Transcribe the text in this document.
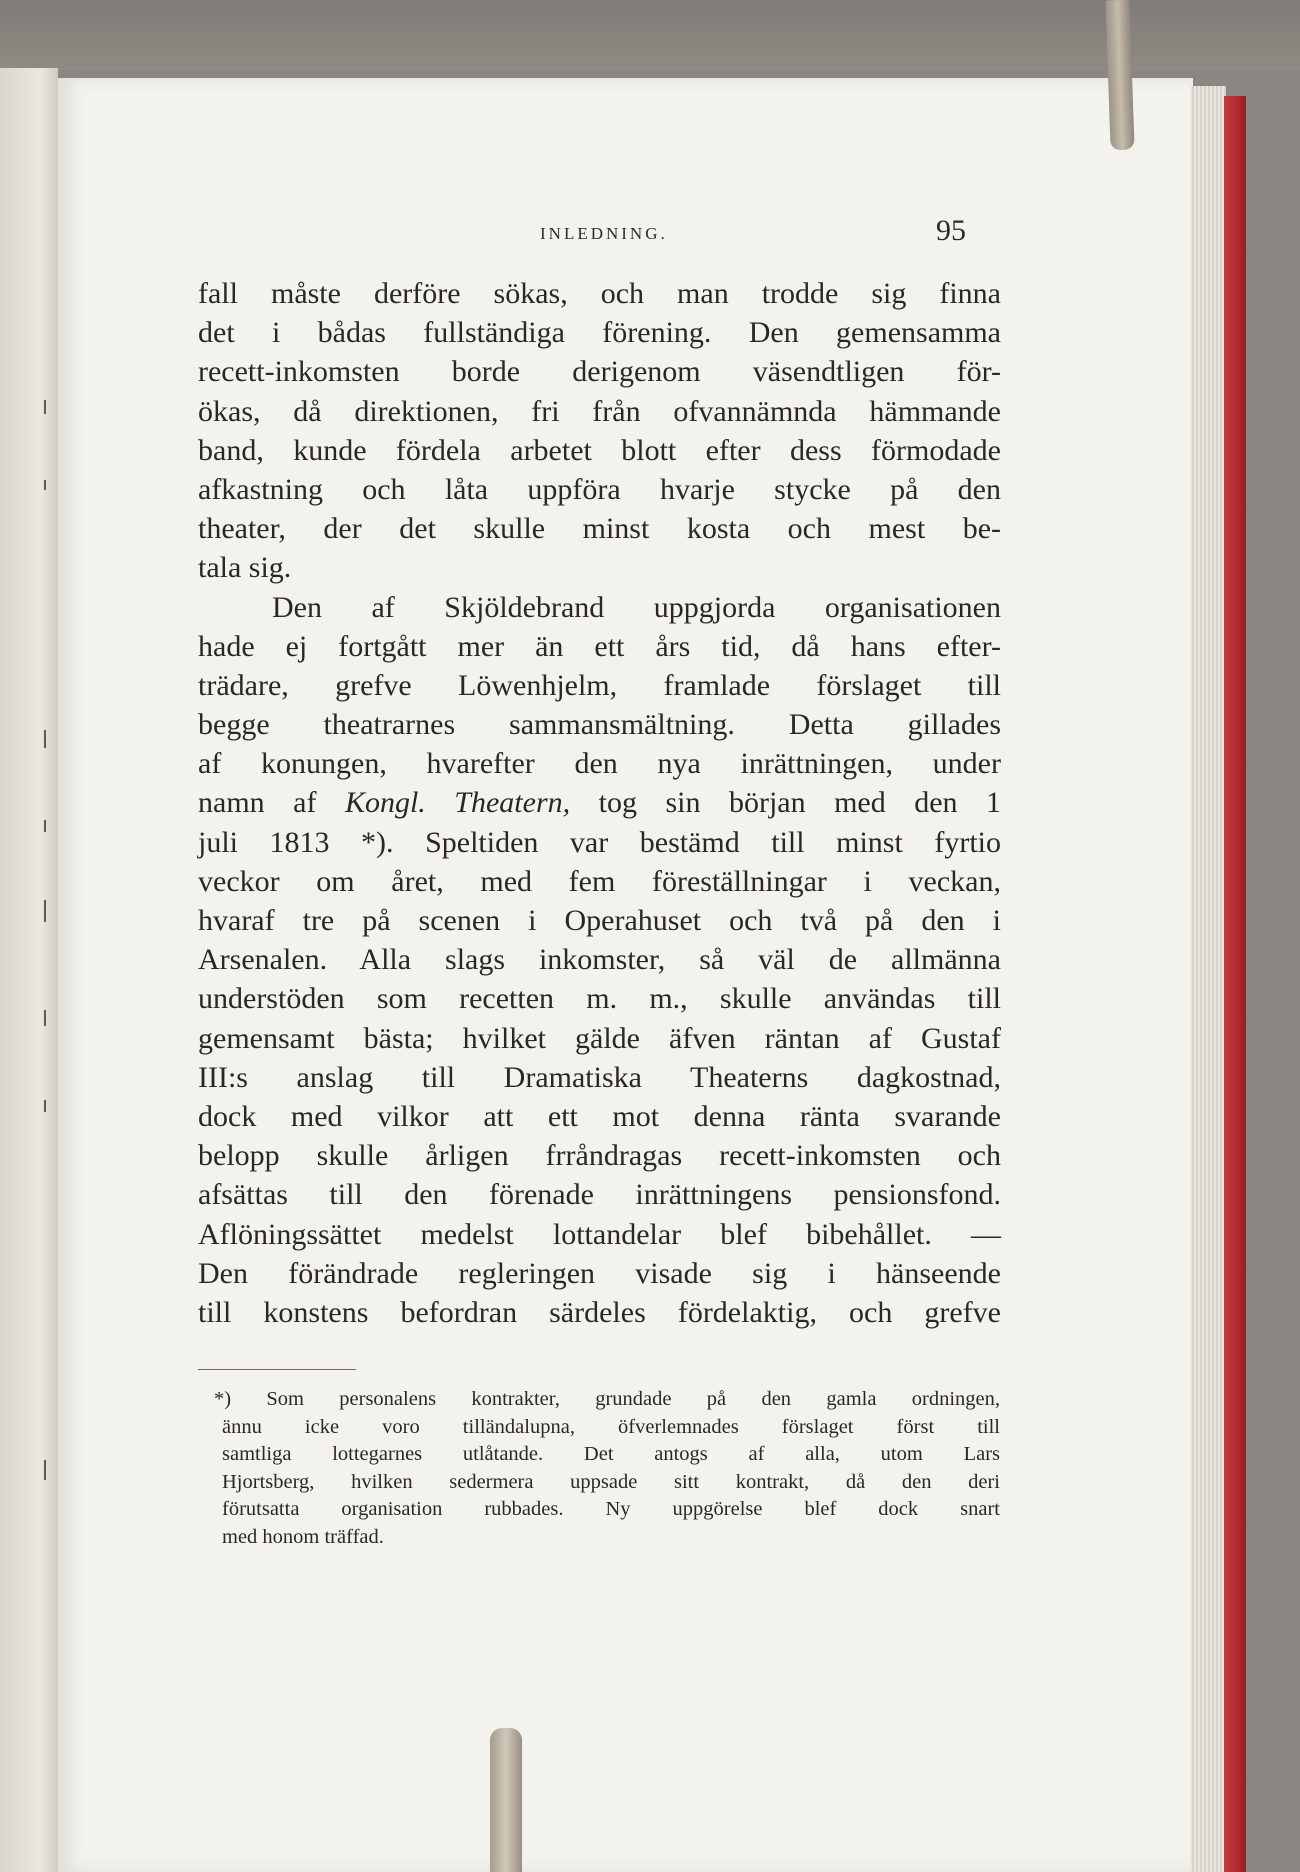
INLEDNING.	95
fall måste derföre sökas, och man trodde sig finna
det i bådas fullständiga förening. Den gemensamma
recett-inkomsten borde derigenom väsendtligen för-
ökas, då direktionen, fri från ofvannämnda hämmande
band, kunde fördela arbetet blott efter dess förmodade
afkastning och låta uppföra hvarje stycke på den
theater, der det skulle minst kosta och mest be-
tala sig.
Den af Skjöldebrand uppgjorda organisationen
hade ej fortgått mer än ett års tid, då hans efter-
trädare, grefve Löwenhjelm, framlade förslaget till
begge theatrarnes sammansmältning. Detta gillades
af konungen, hvarefter den nya inrättningen, under
namn af Kongl. Theatern, tog sin början med den 1
juli 1813 *). Speltiden var bestämd till minst fyrtio
veckor om året, med fem föreställningar i veckan,
hvaraf tre på scenen i Operahuset och två på den i
Arsenalen. Alla slags inkomster, så väl de allmänna
understöden som recetten m. m., skulle användas till
gemensamt bästa; hvilket gälde äfven räntan af Gustaf
III:s anslag till Dramatiska Theaterns dagkostnad,
dock med vilkor att ett mot denna ränta svarande
belopp skulle årligen frråndragas recett-inkomsten och
afsättas till den förenade inrättningens pensionsfond.
Aflöningssättet medelst lottandelar blef bibehållet. —
Den förändrade regleringen visade sig i hänseende
till konstens befordran särdeles fördelaktig, och grefve
*) Som personalens kontrakter, grundade på den gamla ordningen,
ännu icke voro tilländalupna, öfverlemnades förslaget först till
samtliga lottegarnes utlåtande. Det antogs af alla, utom Lars
Hjortsberg, hvilken sedermera uppsade sitt kontrakt, då den deri
förutsatta organisation rubbades. Ny uppgörelse blef dock snart
med honom träffad.
